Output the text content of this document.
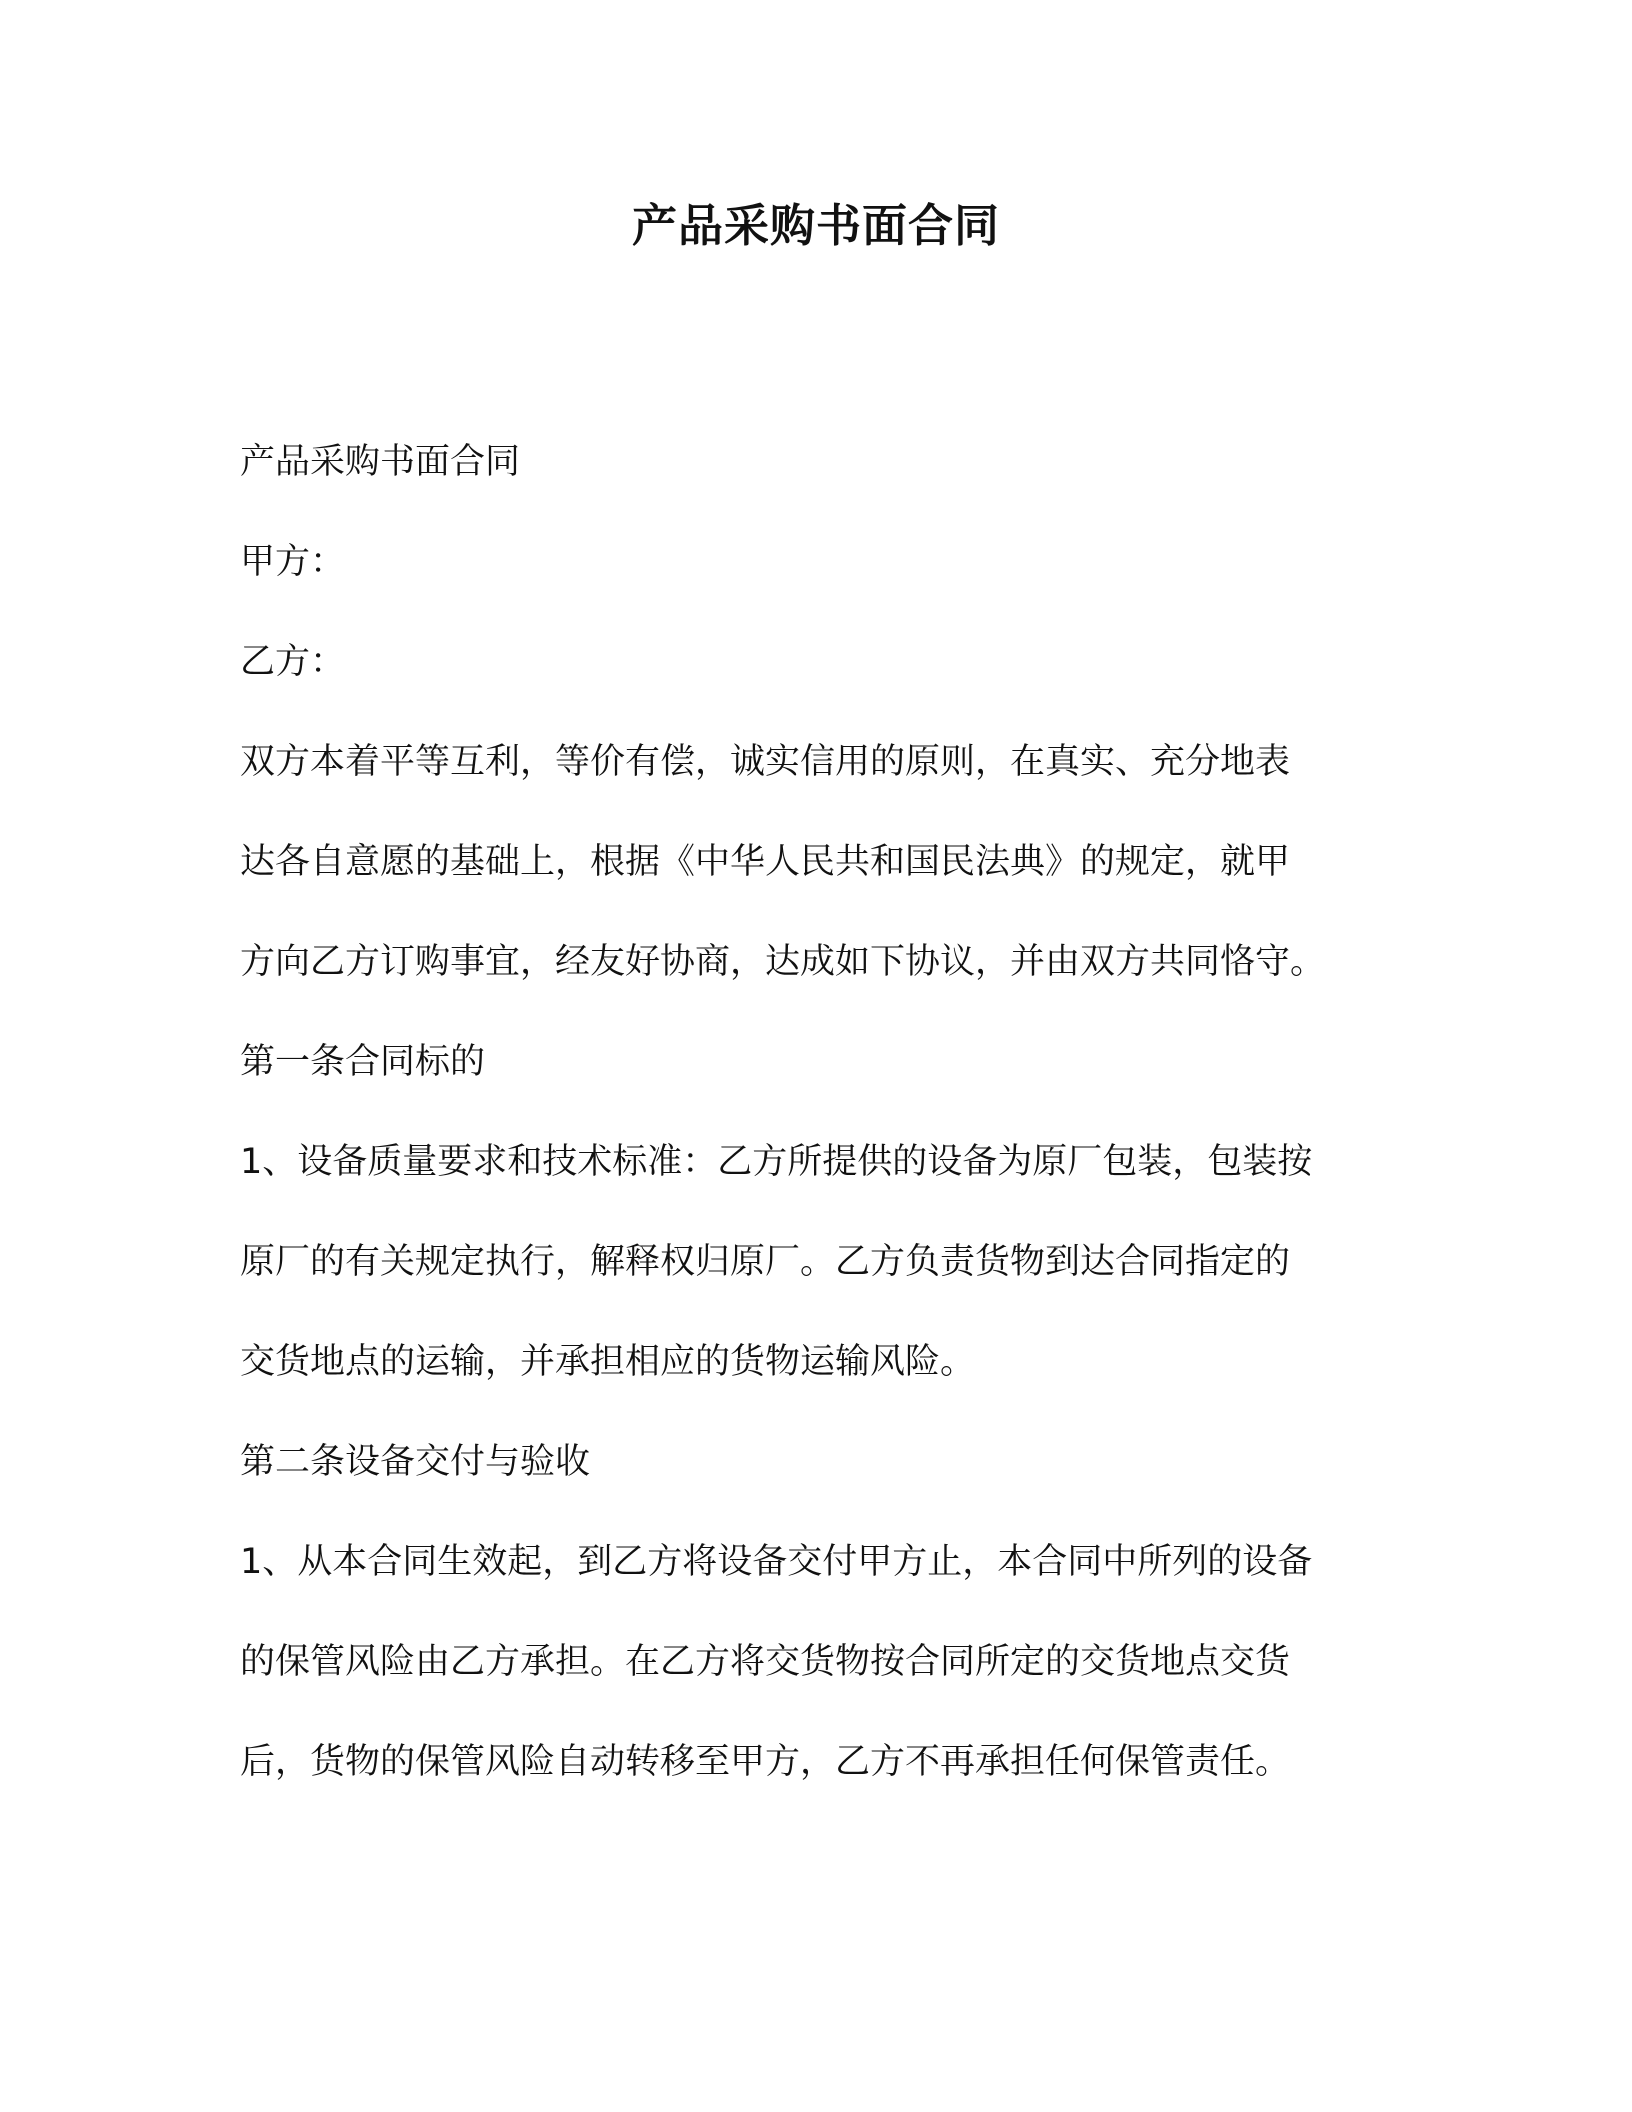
产品采购书面合同
产品采购书面合同
甲方：
乙方：
双方本着平等互利，等价有偿，诚实信用的原则，在真实、充分地表
达各自意愿的基础上，根据《中华人民共和国民法典》的规定，就甲
方向乙方订购事宜，经友好协商，达成如下协议，并由双方共同恪守。
第一条合同标的
1、设备质量要求和技术标准：乙方所提供的设备为原厂包装，包装按
原厂的有关规定执行，解释权归原厂。乙方负责货物到达合同指定的
交货地点的运输，并承担相应的货物运输风险。
第二条设备交付与验收
1、从本合同生效起，到乙方将设备交付甲方止，本合同中所列的设备
的保管风险由乙方承担。在乙方将交货物按合同所定的交货地点交货
后，货物的保管风险自动转移至甲方，乙方不再承担任何保管责任。
